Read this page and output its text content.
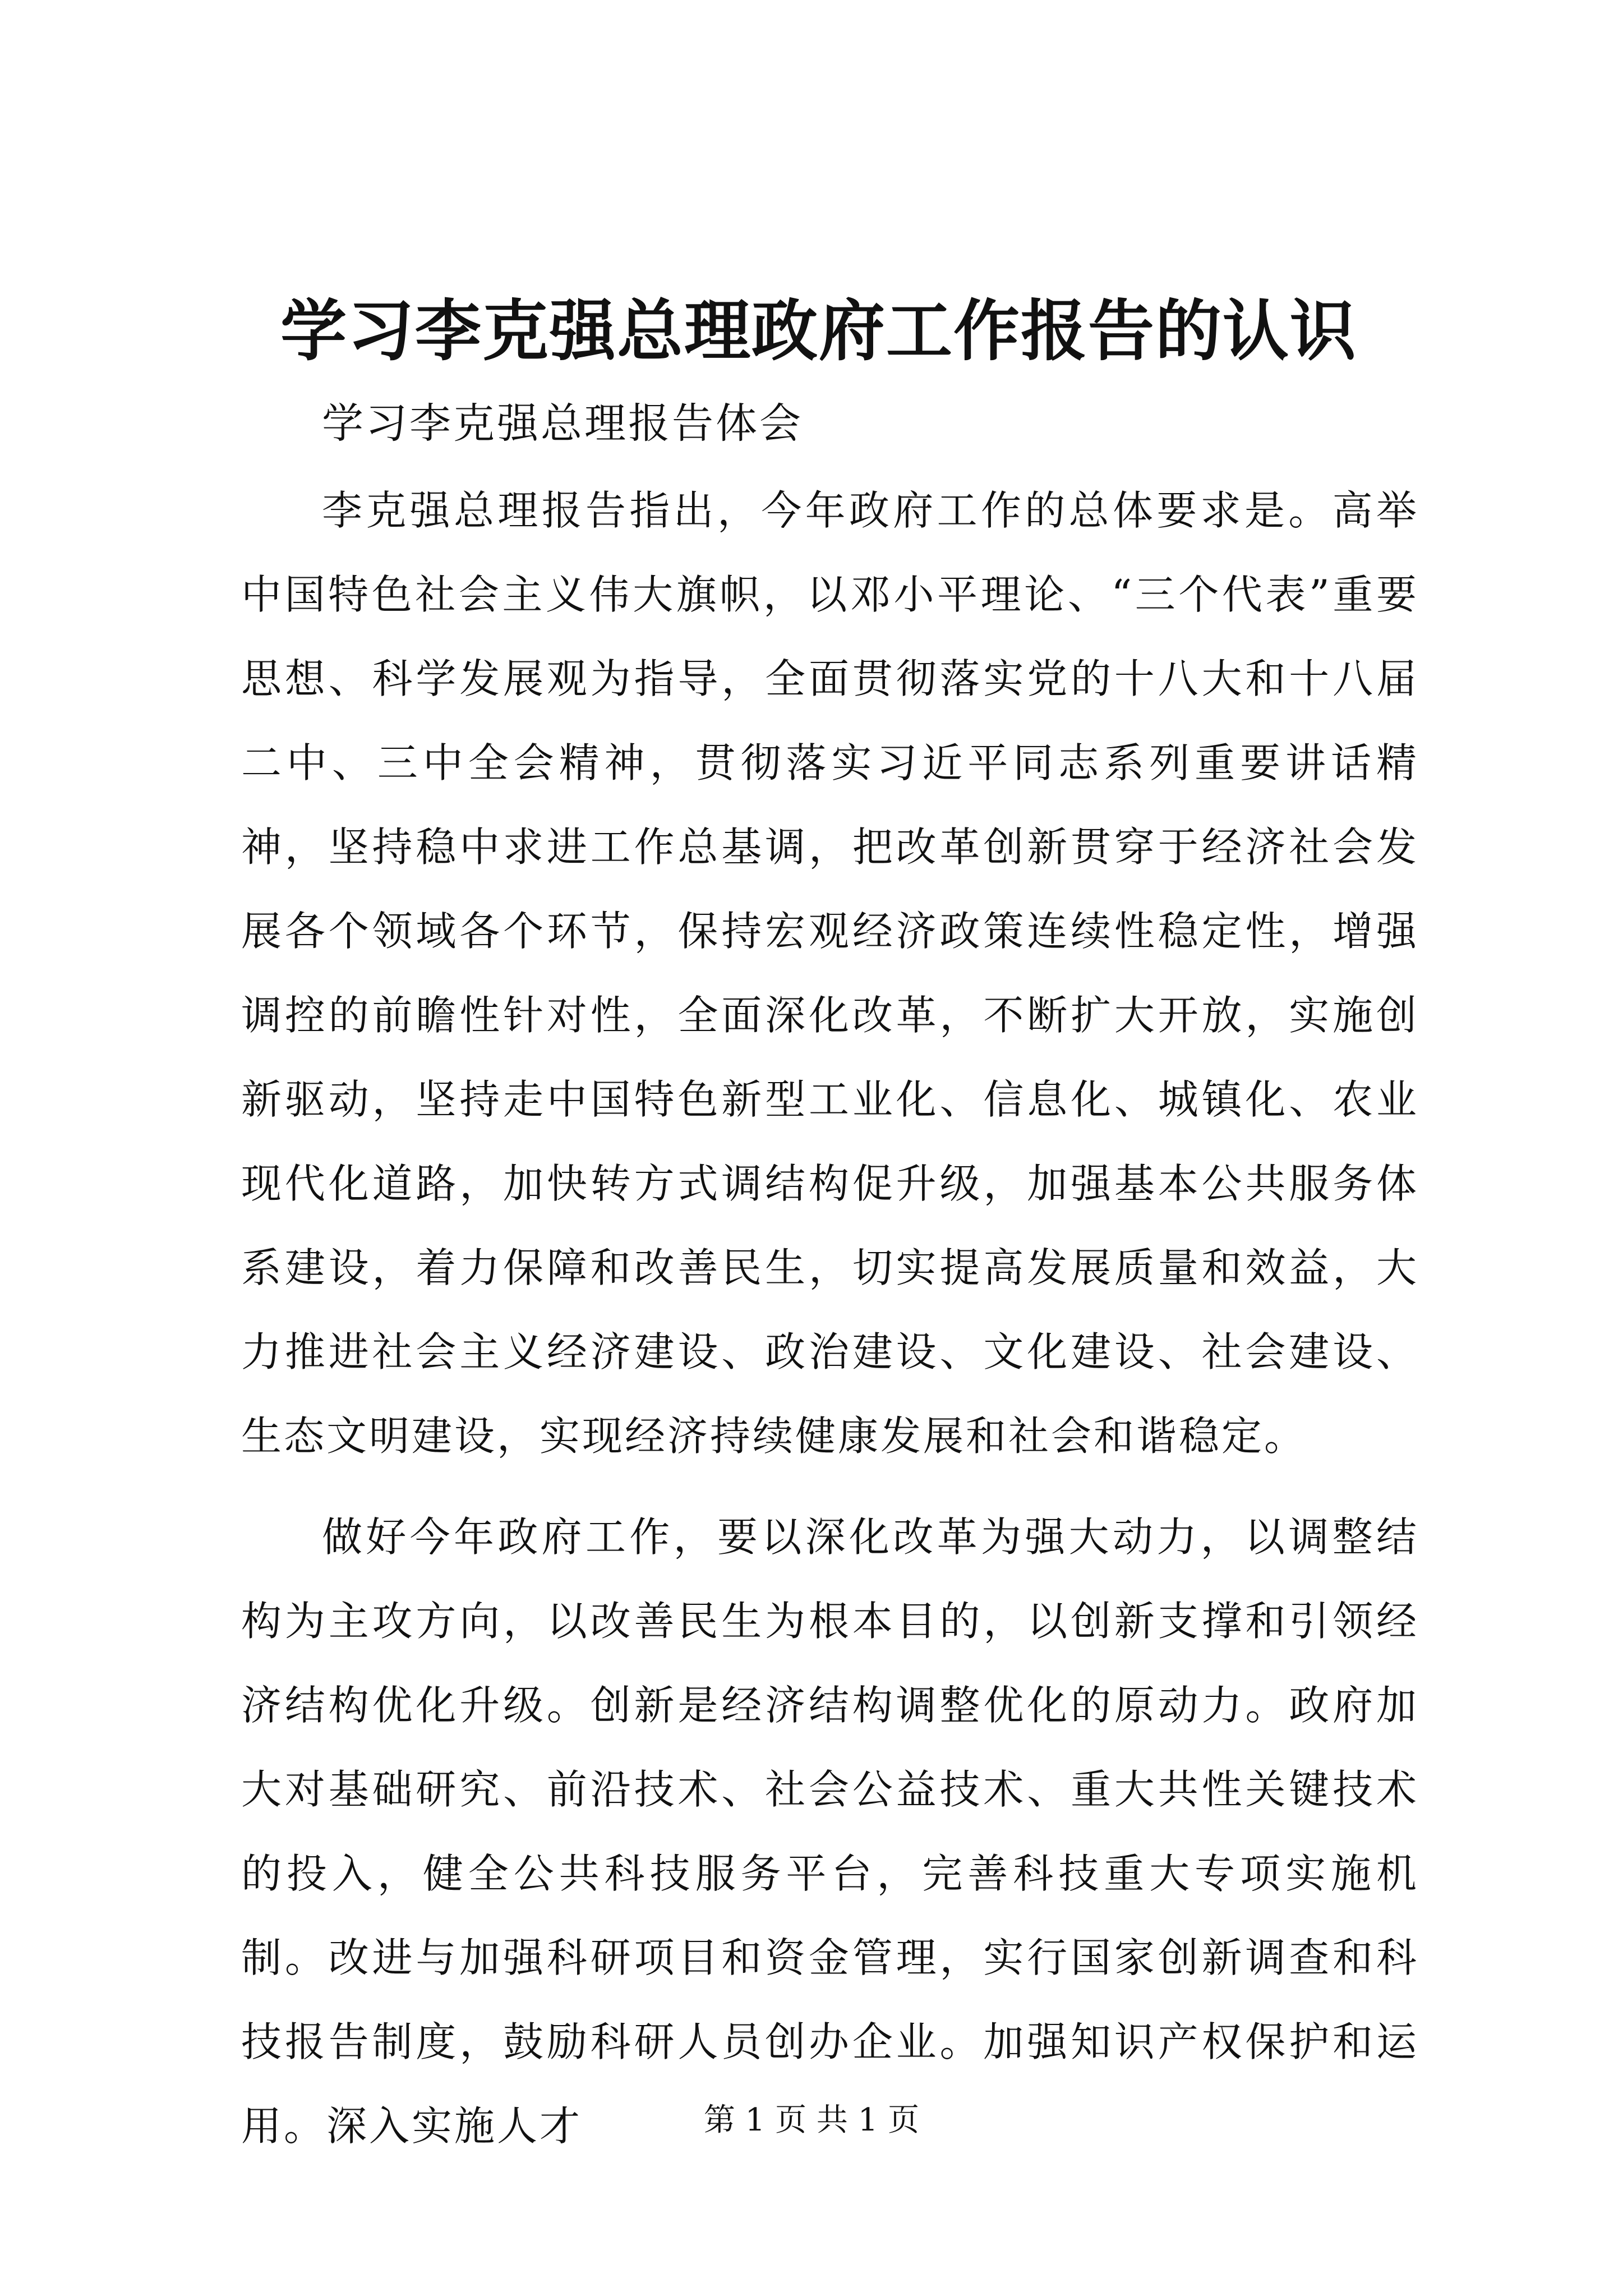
学习李克强总理政府工作报告的认识
学习李克强总理报告体会

李克强总理报告指出，今年政府工作的总体要求是。高举中国特色社会主义伟大旗帜，以邓小平理论、“三个代表”重要思想、科学发展观为指导，全面贯彻落实党的十八大和十八届二中、三中全会精神，贯彻落实习近平同志系列重要讲话精神，坚持稳中求进工作总基调，把改革创新贯穿于经济社会发展各个领域各个环节，保持宏观经济政策连续性稳定性，增强调控的前瞻性针对性，全面深化改革，不断扩大开放，实施创新驱动，坚持走中国特色新型工业化、信息化、城镇化、农业现代化道路，加快转方式调结构促升级，加强基本公共服务体系建设，着力保障和改善民生，切实提高发展质量和效益，大力推进社会主义经济建设、政治建设、文化建设、社会建设、生态文明建设，实现经济持续健康发展和社会和谐稳定。

做好今年政府工作，要以深化改革为强大动力，以调整结构为主攻方向，以改善民生为根本目的，以创新支撑和引领经济结构优化升级。创新是经济结构调整优化的原动力。政府加大对基础研究、前沿技术、社会公益技术、重大共性关键技术的投入，健全公共科技服务平台，完善科技重大专项实施机制。改进与加强科研项目和资金管理，实行国家创新调查和科技报告制度，鼓励科研人员创办企业。加强知识产权保护和运用。深入实施人才	第 1 页 共 1 页
